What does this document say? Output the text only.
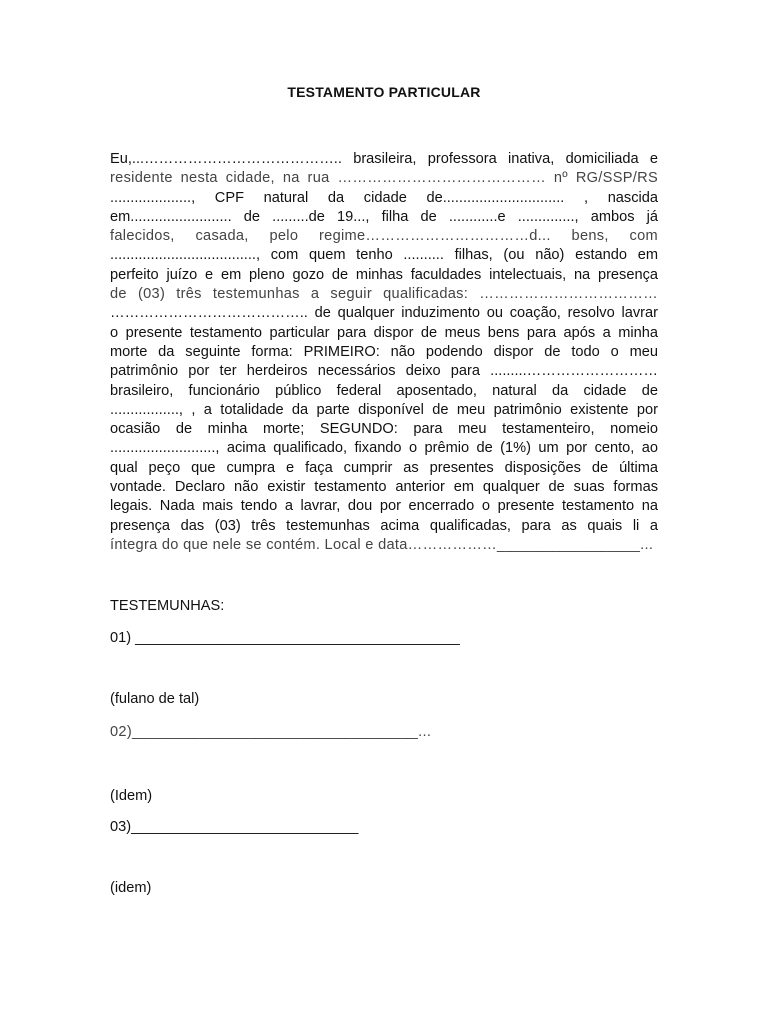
TESTAMENTO PARTICULAR
Eu,...………………………………….. brasileira, professora inativa, domiciliada e
residente nesta cidade, na rua …………………………………… nº RG/SSP/RS
...................., CPF natural da cidade de.............................. , nascida
em......................... de .........de 19..., filha de ............e .............., ambos já
falecidos, casada, pelo regime……………………………d... bens, com
...................................., com quem tenho .......... filhas, (ou não) estando em
perfeito juízo e em pleno gozo de minhas faculdades intelectuais, na presença
de (03) três testemunhas a seguir qualificadas: ………………………………
………………………………….. de qualquer induzimento ou coação, resolvo lavrar
o presente testamento particular para dispor de meus bens para após a minha
morte da seguinte forma: PRIMEIRO: não podendo dispor de todo o meu
patrimônio por ter herdeiros necessários deixo para .........………………………
brasileiro, funcionário público federal aposentado, natural da cidade de
................., , a totalidade da parte disponível de meu patrimônio existente por
ocasião de minha morte; SEGUNDO: para meu testamenteiro, nomeio
.........................., acima qualificado, fixando o prêmio de (1%) um por cento, ao
qual peço que cumpra e faça cumprir as presentes disposições de última
vontade. Declaro não existir testamento anterior em qualquer de suas formas
legais. Nada mais tendo a lavrar, dou por encerrado o presente testamento na
presença das (03) três testemunhas acima qualificadas, para as quais li a
íntegra do que nele se contém. Local e data………………_________________...
TESTEMUNHAS:
01) ________________________________________
(fulano de tal)
02)__________________________________...
(Idem)
03)____________________________
(idem)
